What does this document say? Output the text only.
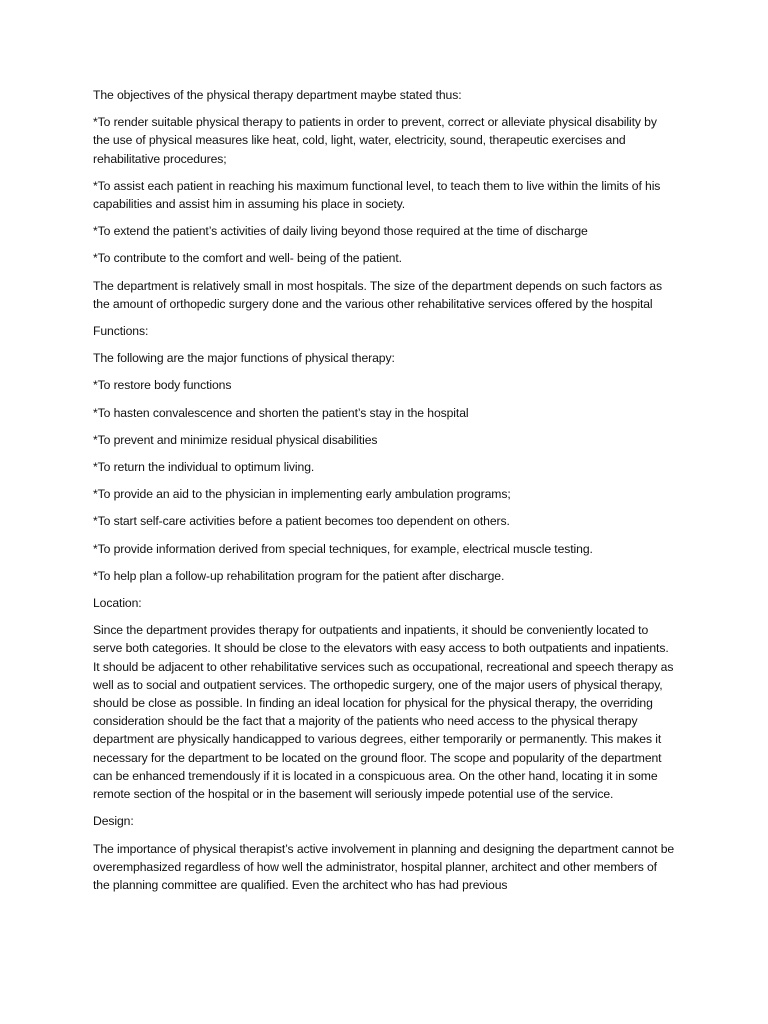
The objectives of the physical therapy department maybe stated thus:

*To render suitable physical therapy to patients in order to prevent, correct or alleviate physical disability by the use of physical measures like heat, cold, light, water, electricity, sound, therapeutic exercises and rehabilitative procedures;

*To assist each patient in reaching his maximum functional level, to teach them to live within the limits of his capabilities and assist him in assuming his place in society.

*To extend the patient’s activities of daily living beyond those required at the time of discharge

*To contribute to the comfort and well- being of the patient.

The department is relatively small in most hospitals. The size of the department depends on such factors as the amount of orthopedic surgery done and the various other rehabilitative services offered by the hospital

Functions:

The following are the major functions of physical therapy:

*To restore body functions

*To hasten convalescence and shorten the patient’s stay in the hospital

*To prevent and minimize residual physical disabilities

*To return the individual to optimum living.

*To provide an aid to the physician in implementing early ambulation programs;

*To start self-care activities before a patient becomes too dependent on others.

*To provide information derived from special techniques, for example, electrical muscle testing.

*To help plan a follow-up rehabilitation program for the patient after discharge.

Location:

Since the department provides therapy for outpatients and inpatients, it should be conveniently located to serve both categories. It should be close to the elevators with easy access to both outpatients and inpatients. It should be adjacent to other rehabilitative services such as occupational, recreational and speech therapy as well as to social and outpatient services. The orthopedic surgery, one of the major users of physical therapy, should be close as possible. In finding an ideal location for physical for the physical therapy, the overriding consideration should be the fact that a majority of the patients who need access to the physical therapy department are physically handicapped to various degrees, either temporarily or permanently. This makes it necessary for the department to be located on the ground floor. The scope and popularity of the department can be enhanced tremendously if it is located in a conspicuous area. On the other hand, locating it in some remote section of the hospital or in the basement will seriously impede potential use of the service.

Design:

The importance of physical therapist’s active involvement in planning and designing the department cannot be overemphasized regardless of how well the administrator, hospital planner, architect and other members of the planning committee are qualified. Even the architect who has had previous
